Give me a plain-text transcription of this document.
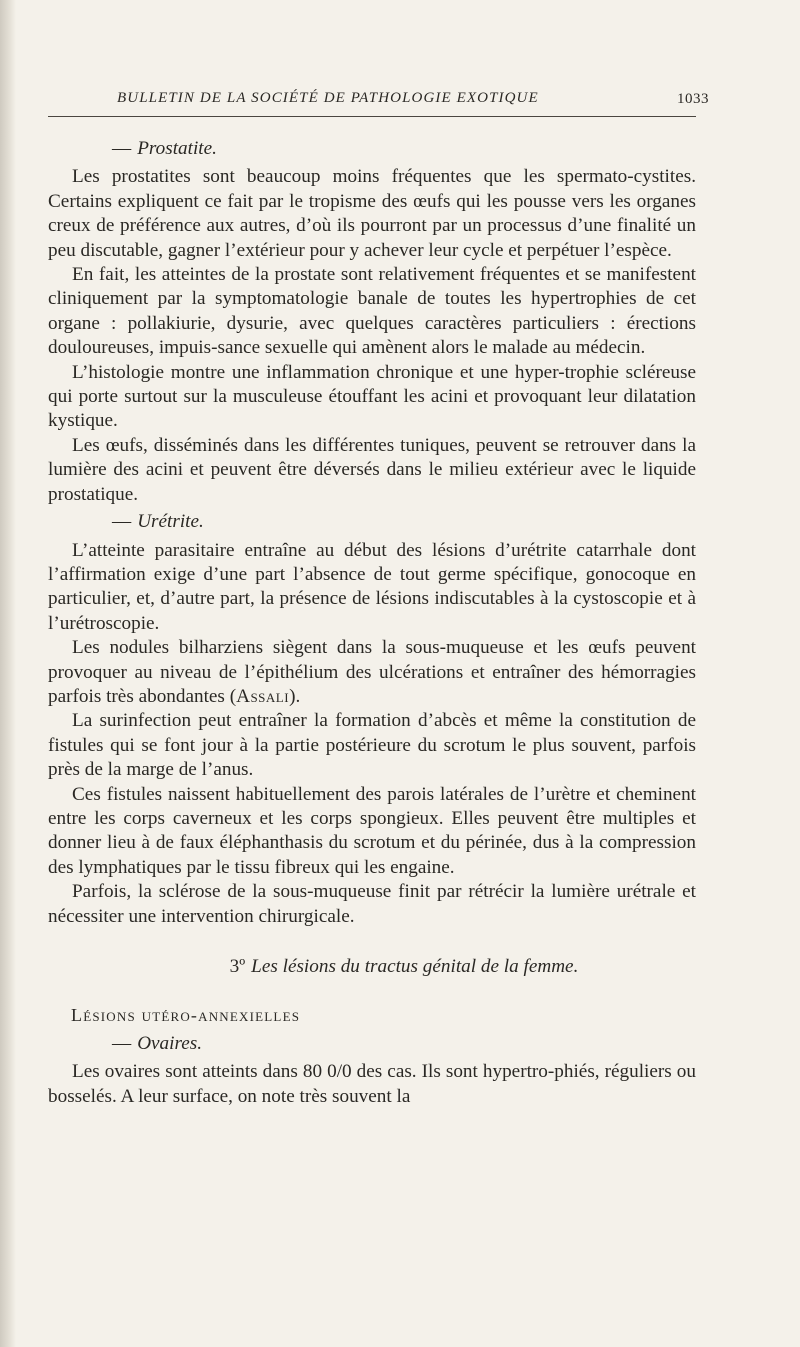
BULLETIN DE LA SOCIÉTÉ DE PATHOLOGIE EXOTIQUE	1033

— Prostatite.

Les prostatites sont beaucoup moins fréquentes que les spermato-cystites. Certains expliquent ce fait par le tropisme des œufs qui les pousse vers les organes creux de préférence aux autres, d’où ils pourront par un processus d’une finalité un peu discutable, gagner l’extérieur pour y achever leur cycle et perpétuer l’espèce.

En fait, les atteintes de la prostate sont relativement fréquentes et se manifestent cliniquement par la symptomatologie banale de toutes les hypertrophies de cet organe : pollakiurie, dysurie, avec quelques caractères particuliers : érections douloureuses, impuis-sance sexuelle qui amènent alors le malade au médecin.

L’histologie montre une inflammation chronique et une hyper-trophie scléreuse qui porte surtout sur la musculeuse étouffant les acini et provoquant leur dilatation kystique.

Les œufs, disséminés dans les différentes tuniques, peuvent se retrouver dans la lumière des acini et peuvent être déversés dans le milieu extérieur avec le liquide prostatique.

— Urétrite.

L’atteinte parasitaire entraîne au début des lésions d’urétrite catarrhale dont l’affirmation exige d’une part l’absence de tout germe spécifique, gonocoque en particulier, et, d’autre part, la présence de lésions indiscutables à la cystoscopie et à l’urétroscopie.

Les nodules bilharziens siègent dans la sous-muqueuse et les œufs peuvent provoquer au niveau de l’épithélium des ulcérations et entraîner des hémorragies parfois très abondantes (Assali).

La surinfection peut entraîner la formation d’abcès et même la constitution de fistules qui se font jour à la partie postérieure du scrotum le plus souvent, parfois près de la marge de l’anus.

Ces fistules naissent habituellement des parois latérales de l’urètre et cheminent entre les corps caverneux et les corps spongieux. Elles peuvent être multiples et donner lieu à de faux éléphanthasis du scrotum et du périnée, dus à la compression des lymphatiques par le tissu fibreux qui les engaine.

Parfois, la sclérose de la sous-muqueuse finit par rétrécir la lumière urétrale et nécessiter une intervention chirurgicale.

3º Les lésions du tractus génital de la femme.

Lésions utéro-annexielles

— Ovaires.

Les ovaires sont atteints dans 80 0/0 des cas. Ils sont hypertro-phiés, réguliers ou bosselés. A leur surface, on note très souvent la
